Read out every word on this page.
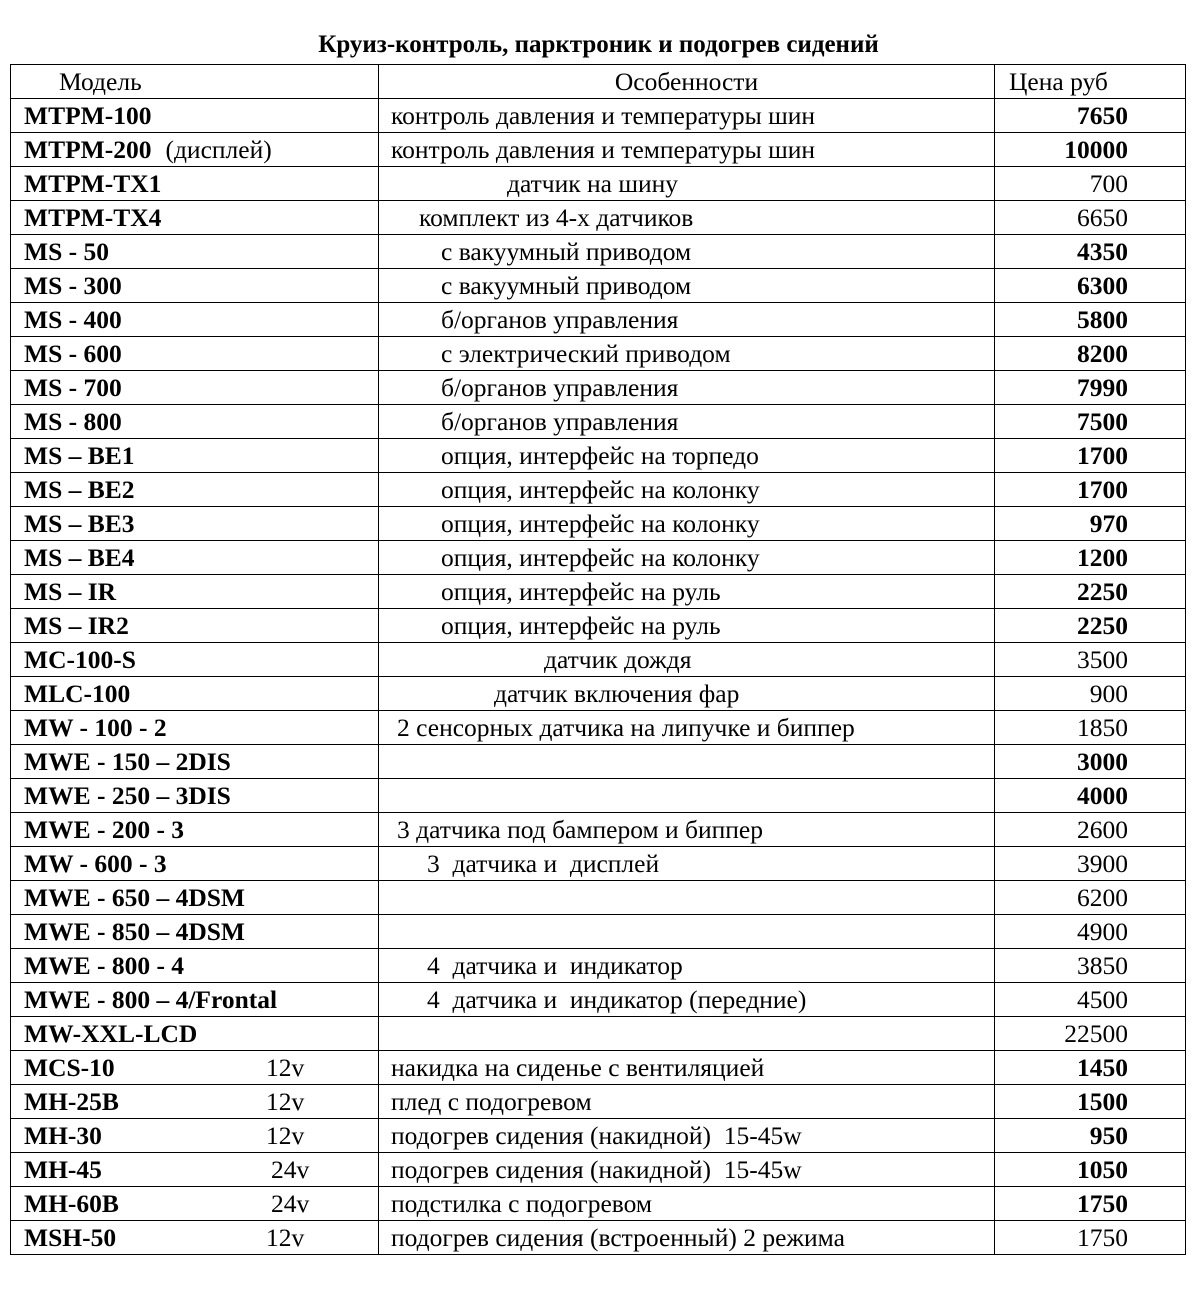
Круиз-контроль, парктроник и подогрев сидений
Модель	Особенности	Цена руб
MTPM-100	контроль давления и температуры шин	7650
MTPM-200 (дисплей)	контроль давления и температуры шин	10000
MTPM-TX1	датчик на шину	700
MTPM-TX4	комплект из 4-х датчиков	6650
MS - 50	с вакуумный приводом	4350
MS - 300	с вакуумный приводом	6300
MS - 400	б/органов управления	5800
MS - 600	с электрический приводом	8200
MS - 700	б/органов управления	7990
MS - 800	б/органов управления	7500
MS – BE1	опция, интерфейс на торпедо	1700
MS – BE2	опция, интерфейс на колонку	1700
MS – BE3	опция, интерфейс на колонку	970
MS – BE4	опция, интерфейс на колонку	1200
MS – IR	опция, интерфейс на руль	2250
MS – IR2	опция, интерфейс на руль	2250
MC-100-S	датчик дождя	3500
MLC-100	датчик включения фар	900
MW - 100 - 2	2 сенсорных датчика на липучке и биппер	1850
MWE - 150 – 2DIS		3000
MWE - 250 – 3DIS		4000
MWE - 200 - 3	3 датчика под бампером и биппер	2600
MW - 600 - 3	3  датчика и  дисплей	3900
MWE - 650 – 4DSM		6200
MWE - 850 – 4DSM		4900
MWE - 800 - 4	4  датчика и  индикатор	3850
MWE - 800 – 4/Frontal	4  датчика и  индикатор (передние)	4500
MW-XXL-LCD		22500
MCS-10 12v	накидка на сиденье с вентиляцией	1450
MH-25B 12v	плед с подогревом	1500
MH-30 12v	подогрев сидения (накидной)  15-45w	950
MH-45 24v	подогрев сидения (накидной)  15-45w	1050
MH-60B 24v	подстилка с подогревом	1750
MSH-50 12v	подогрев сидения (встроенный) 2 режима	1750
